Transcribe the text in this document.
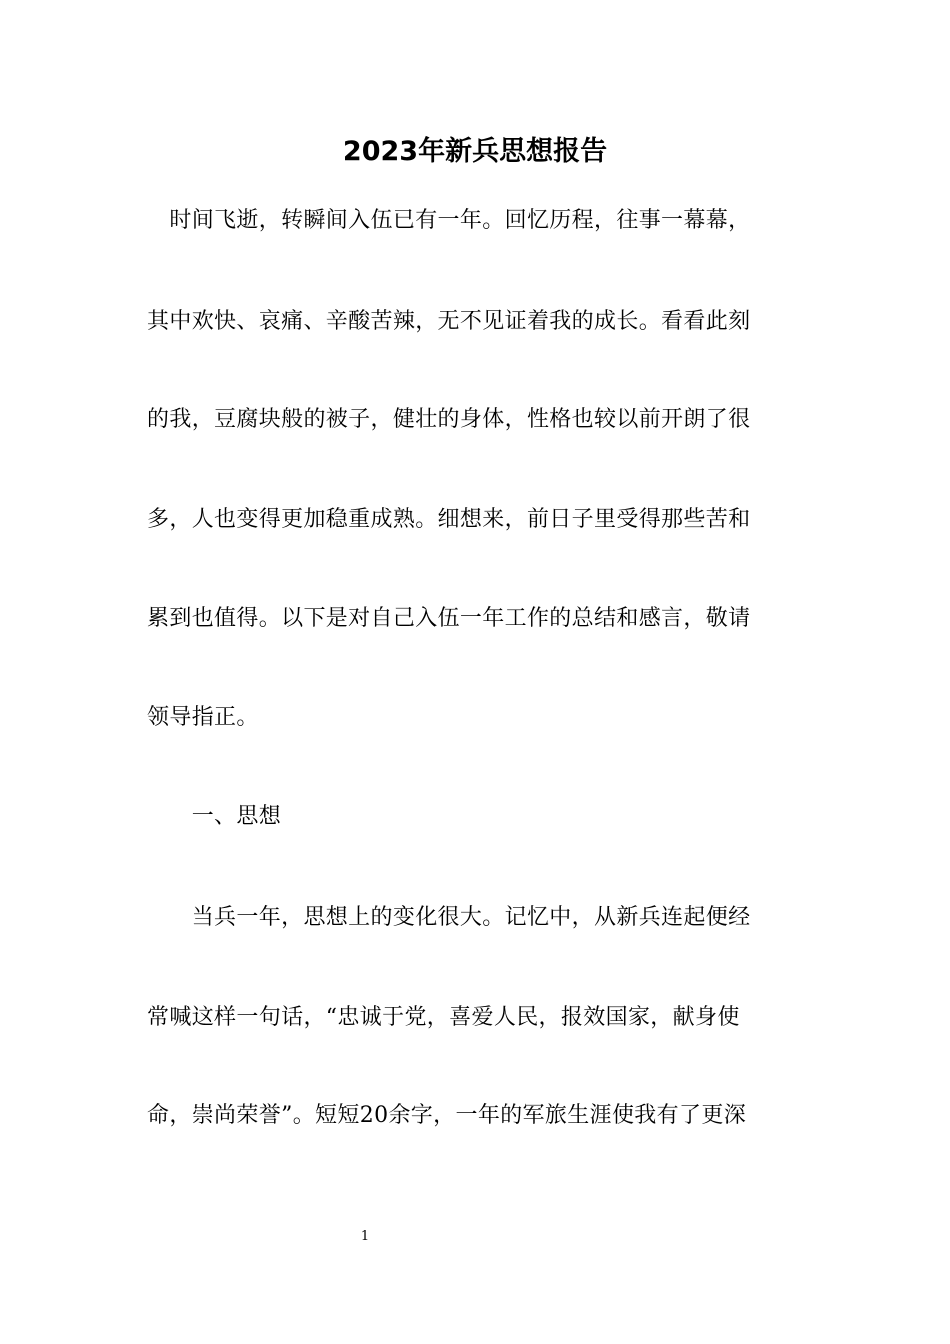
2023年新兵思想报告

　时间飞逝，转瞬间入伍已有一年。回忆历程，往事一幕幕，

其中欢快、哀痛、辛酸苦辣，无不见证着我的成长。看看此刻

的我，豆腐块般的被子，健壮的身体，性格也较以前开朗了很

多，人也变得更加稳重成熟。细想来，前日子里受得那些苦和

累到也值得。以下是对自己入伍一年工作的总结和感言，敬请

领导指正。

　　一、思想

　　当兵一年，思想上的变化很大。记忆中，从新兵连起便经

常喊这样一句话，“忠诚于党，喜爱人民，报效国家，献身使

命，崇尚荣誉”。短短20余字，一年的军旅生涯使我有了更深

1
